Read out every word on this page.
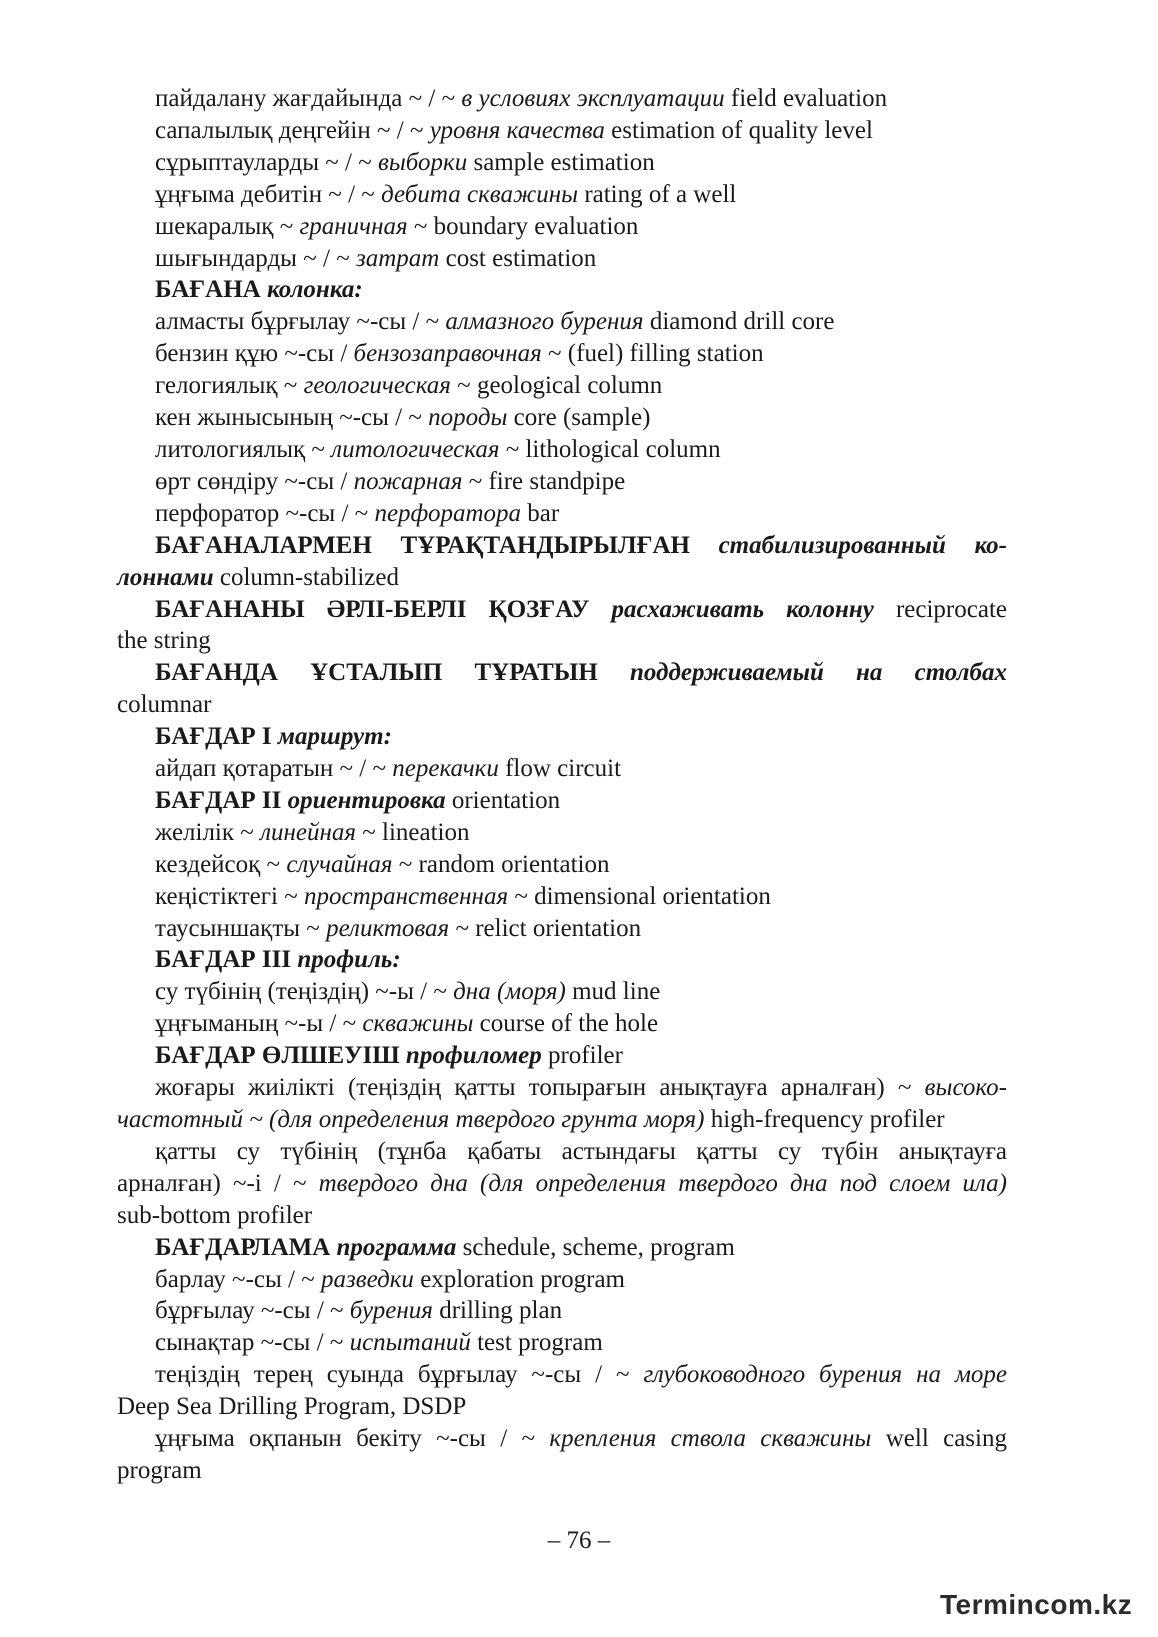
пайдалану жағдайында ~ / ~ в условиях эксплуатации field evaluation
сапалылық деңгейін ~ / ~ уровня качества estimation of quality level
сұрыптауларды ~ / ~ выборки sample estimation
ұңғыма дебитін ~ / ~ дебита скважины rating of a well
шекаралық ~ граничная ~ boundary evaluation
шығындарды ~ / ~ затрат cost estimation
БАҒАНА колонка:
алмасты бұрғылау ~-сы / ~ алмазного бурения diamond drill core
бензин құю ~-сы / бензозаправочная ~ (fuel) filling station
гелогиялық ~ геологическая ~ geological column
кен жынысының ~-сы / ~ породы core (sample)
литологиялық ~ литологическая ~ lithological column
өрт сөндіру ~-сы / пожарная ~ fire standpipe
перфоратор ~-сы / ~ перфоратора bar
БАҒАНАЛАРМЕН ТҰРАҚТАНДЫРЫЛҒАН стабилизированный ко-
лоннами column-stabilized
БАҒАНАНЫ ӘРЛІ-БЕРЛІ ҚОЗҒАУ расхаживать колонну reciprocate
the string
БАҒАНДА ҰСТАЛЫП ТҰРАТЫН поддерживаемый на столбах
columnar
БАҒДАР I маршрут:
айдап қотаратын ~ / ~ перекачки flow circuit
БАҒДАР II ориентировка orientation
желілік ~ линейная ~ lineation
кездейсоқ ~ случайная ~ random orientation
кеңістіктегі ~ пространственная ~ dimensional orientation
таусыншақты ~ реликтовая ~ relict orientation
БАҒДАР III профиль:
су түбінің (теңіздің) ~-ы / ~ дна (моря) mud line
ұңғыманың ~-ы / ~ скважины course of the hole
БАҒДАР ӨЛШЕУІШ профиломер profiler
жоғары жиілікті (теңіздің қатты топырағын анықтауға арналған) ~ высоко-
частотный ~ (для определения твердого грунта моря) high-frequency profiler
қатты су түбінің (тұнба қабаты астындағы қатты су түбін анықтауға
арналған) ~-і / ~ твердого дна (для определения твердого дна под слоем ила)
sub-bottom profiler
БАҒДАРЛАМА программа schedule, scheme, program
барлау ~-сы / ~ разведки exploration program
бұрғылау ~-сы / ~ бурения drilling plan
сынақтар ~-сы / ~ испытаний test program
теңіздің терең суында бұрғылау ~-сы / ~ глубоководного бурения на море
Deep Sea Drilling Program, DSDP
ұңғыма оқпанын бекіту ~-сы / ~ крепления ствола скважины well casing
program
– 76 –
Termincom.kz
